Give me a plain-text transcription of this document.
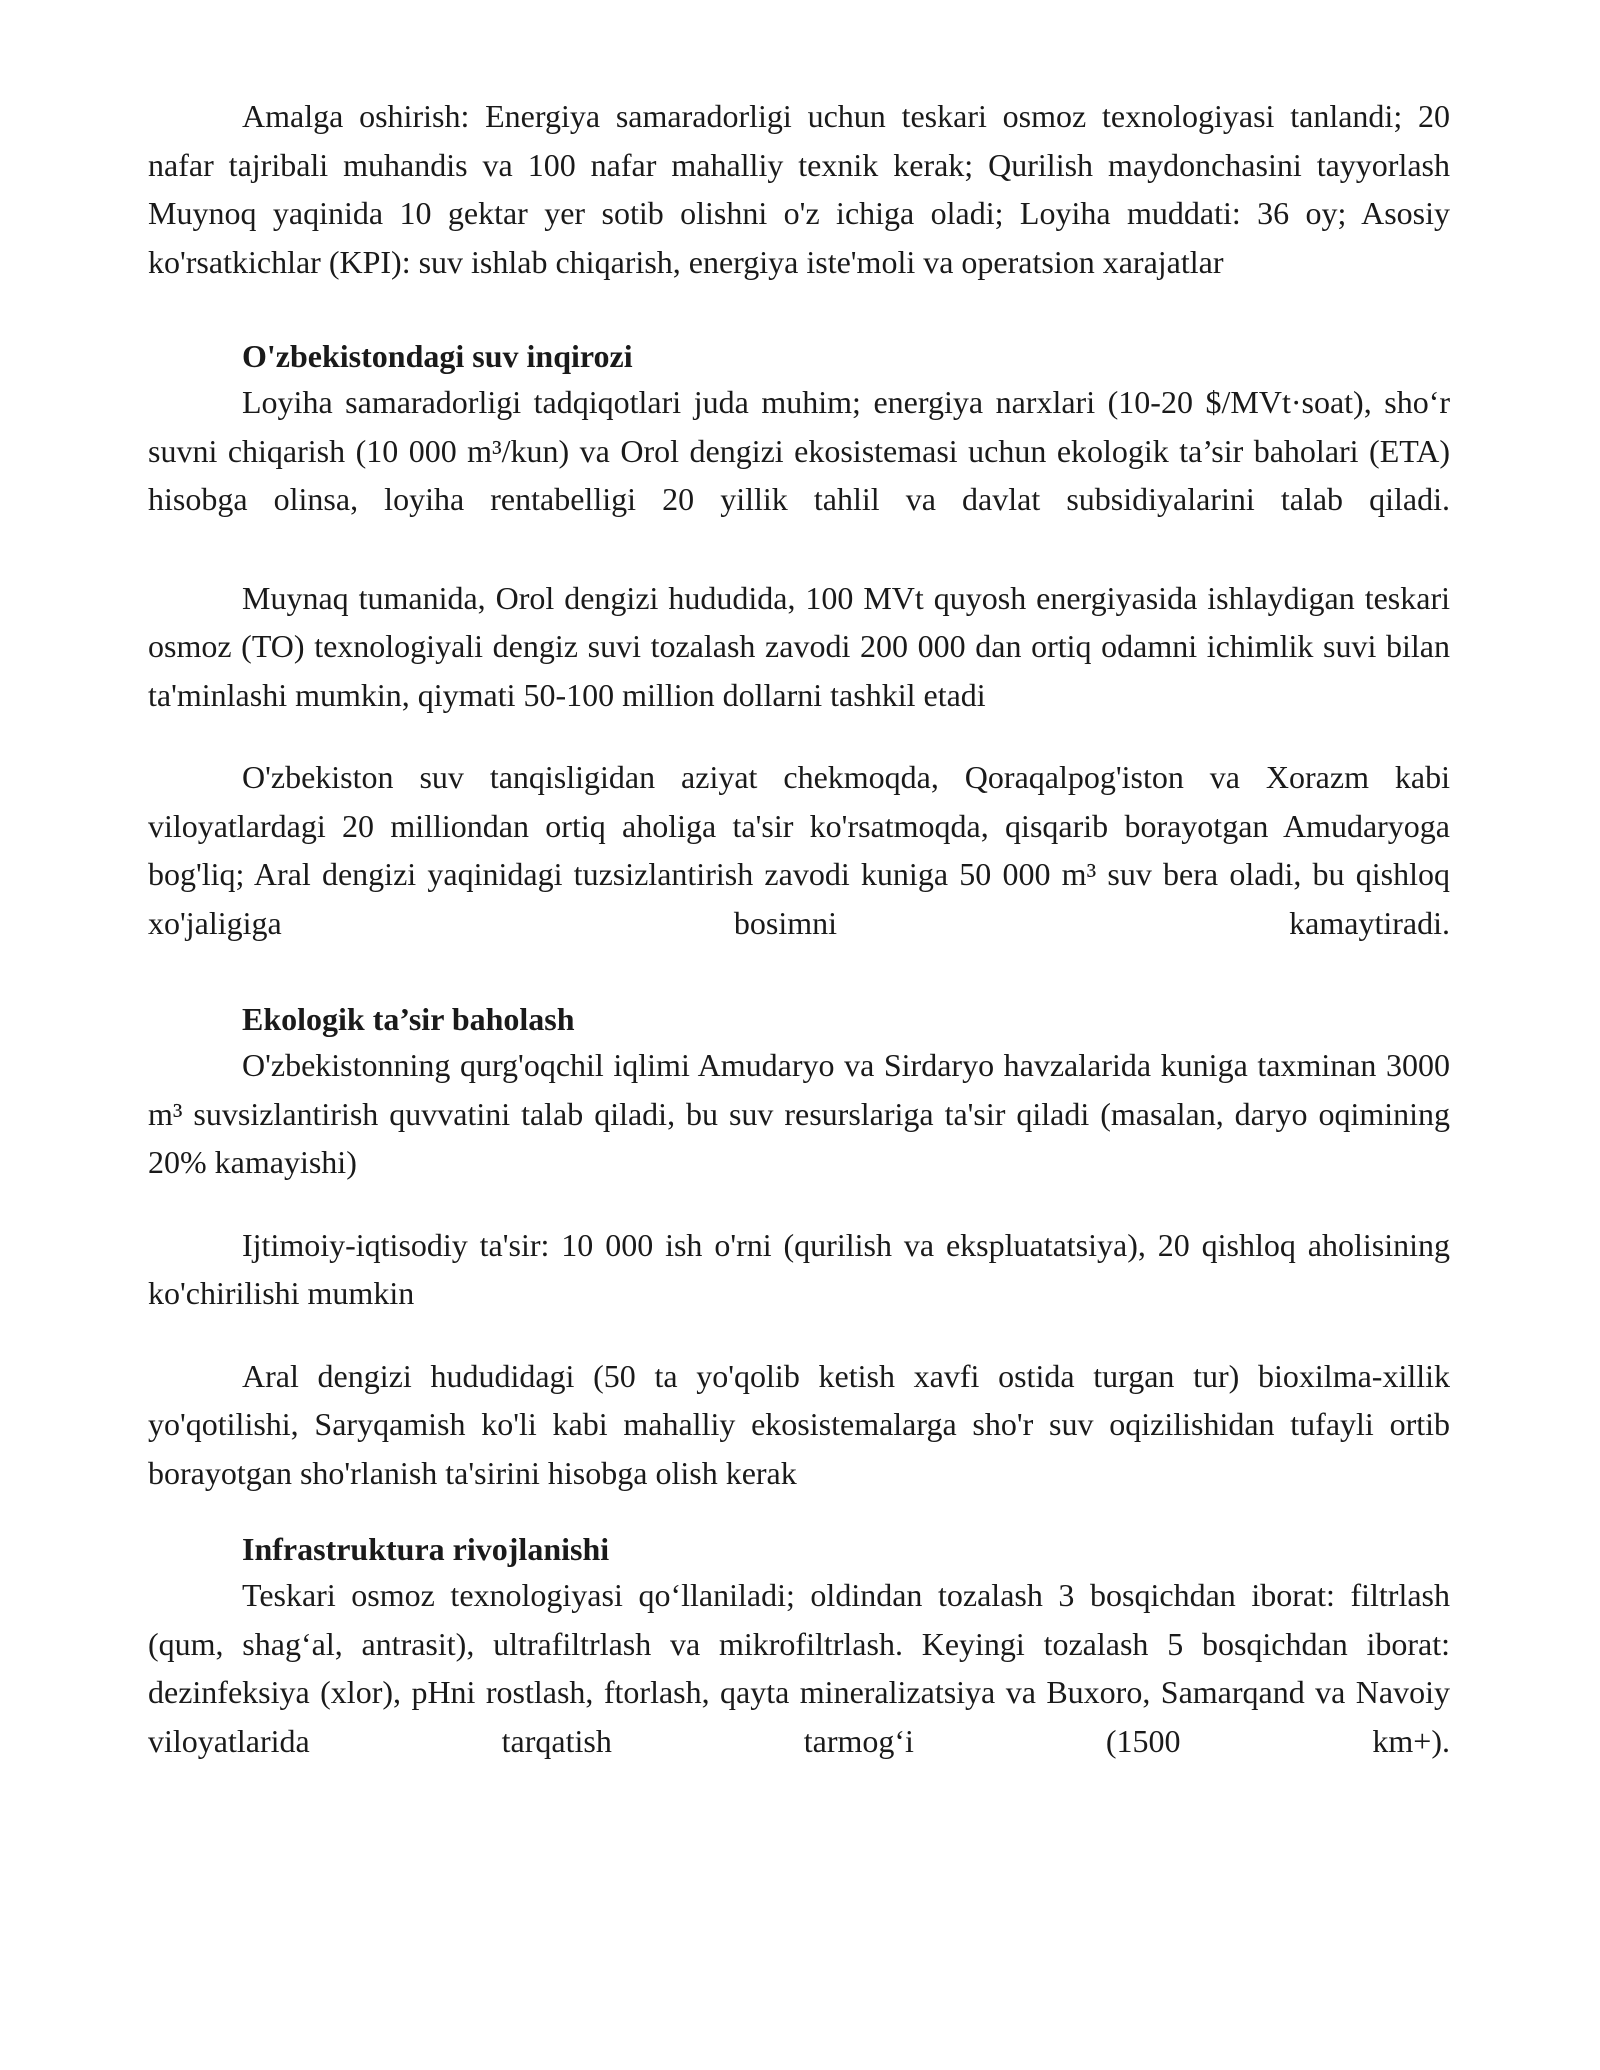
Amalga oshirish: Energiya samaradorligi uchun teskari osmoz texnologiyasi tanlandi; 20 nafar tajribali muhandis va 100 nafar mahalliy texnik kerak; Qurilish maydonchasini tayyorlash Muynoq yaqinida 10 gektar yer sotib olishni o'z ichiga oladi; Loyiha muddati: 36 oy; Asosiy ko'rsatkichlar (KPI): suv ishlab chiqarish, energiya iste'moli va operatsion xarajatlar

O'zbekistondagi suv inqirozi

Loyiha samaradorligi tadqiqotlari juda muhim; energiya narxlari (10-20 $/MVt·soat), sho‘r suvni chiqarish (10 000 m³/kun) va Orol dengizi ekosistemasi uchun ekologik ta’sir baholari (ETA) hisobga olinsa, loyiha rentabelligi 20 yillik tahlil va davlat subsidiyalarini talab qiladi.

Muynaq tumanida, Orol dengizi hududida, 100 MVt quyosh energiyasida ishlaydigan teskari osmoz (TO) texnologiyali dengiz suvi tozalash zavodi 200 000 dan ortiq odamni ichimlik suvi bilan ta'minlashi mumkin, qiymati 50-100 million dollarni tashkil etadi

O'zbekiston suv tanqisligidan aziyat chekmoqda, Qoraqalpog'iston va Xorazm kabi viloyatlardagi 20 milliondan ortiq aholiga ta'sir ko'rsatmoqda, qisqarib borayotgan Amudaryoga bog'liq; Aral dengizi yaqinidagi tuzsizlantirish zavodi kuniga 50 000 m³ suv bera oladi, bu qishloq xo'jaligiga bosimni kamaytiradi.

Ekologik ta’sir baholash

O'zbekistonning qurg'oqchil iqlimi Amudaryo va Sirdaryo havzalarida kuniga taxminan 3000 m³ suvsizlantirish quvvatini talab qiladi, bu suv resurslariga ta'sir qiladi (masalan, daryo oqimining 20% kamayishi)

Ijtimoiy-iqtisodiy ta'sir: 10 000 ish o'rni (qurilish va ekspluatatsiya), 20 qishloq aholisining ko'chirilishi mumkin

Aral dengizi hududidagi (50 ta yo'qolib ketish xavfi ostida turgan tur) bioxilma-xillik yo'qotilishi, Saryqamish ko'li kabi mahalliy ekosistemalarga sho'r suv oqizilishidan tufayli ortib borayotgan sho'rlanish ta'sirini hisobga olish kerak

Infrastruktura rivojlanishi

Teskari osmoz texnologiyasi qo‘llaniladi; oldindan tozalash 3 bosqichdan iborat: filtrlash (qum, shag‘al, antrasit), ultrafiltrlash va mikrofiltrlash. Keyingi tozalash 5 bosqichdan iborat: dezinfeksiya (xlor), pHni rostlash, ftorlash, qayta mineralizatsiya va Buxoro, Samarqand va Navoiy viloyatlarida tarqatish tarmog‘i (1500 km+).
